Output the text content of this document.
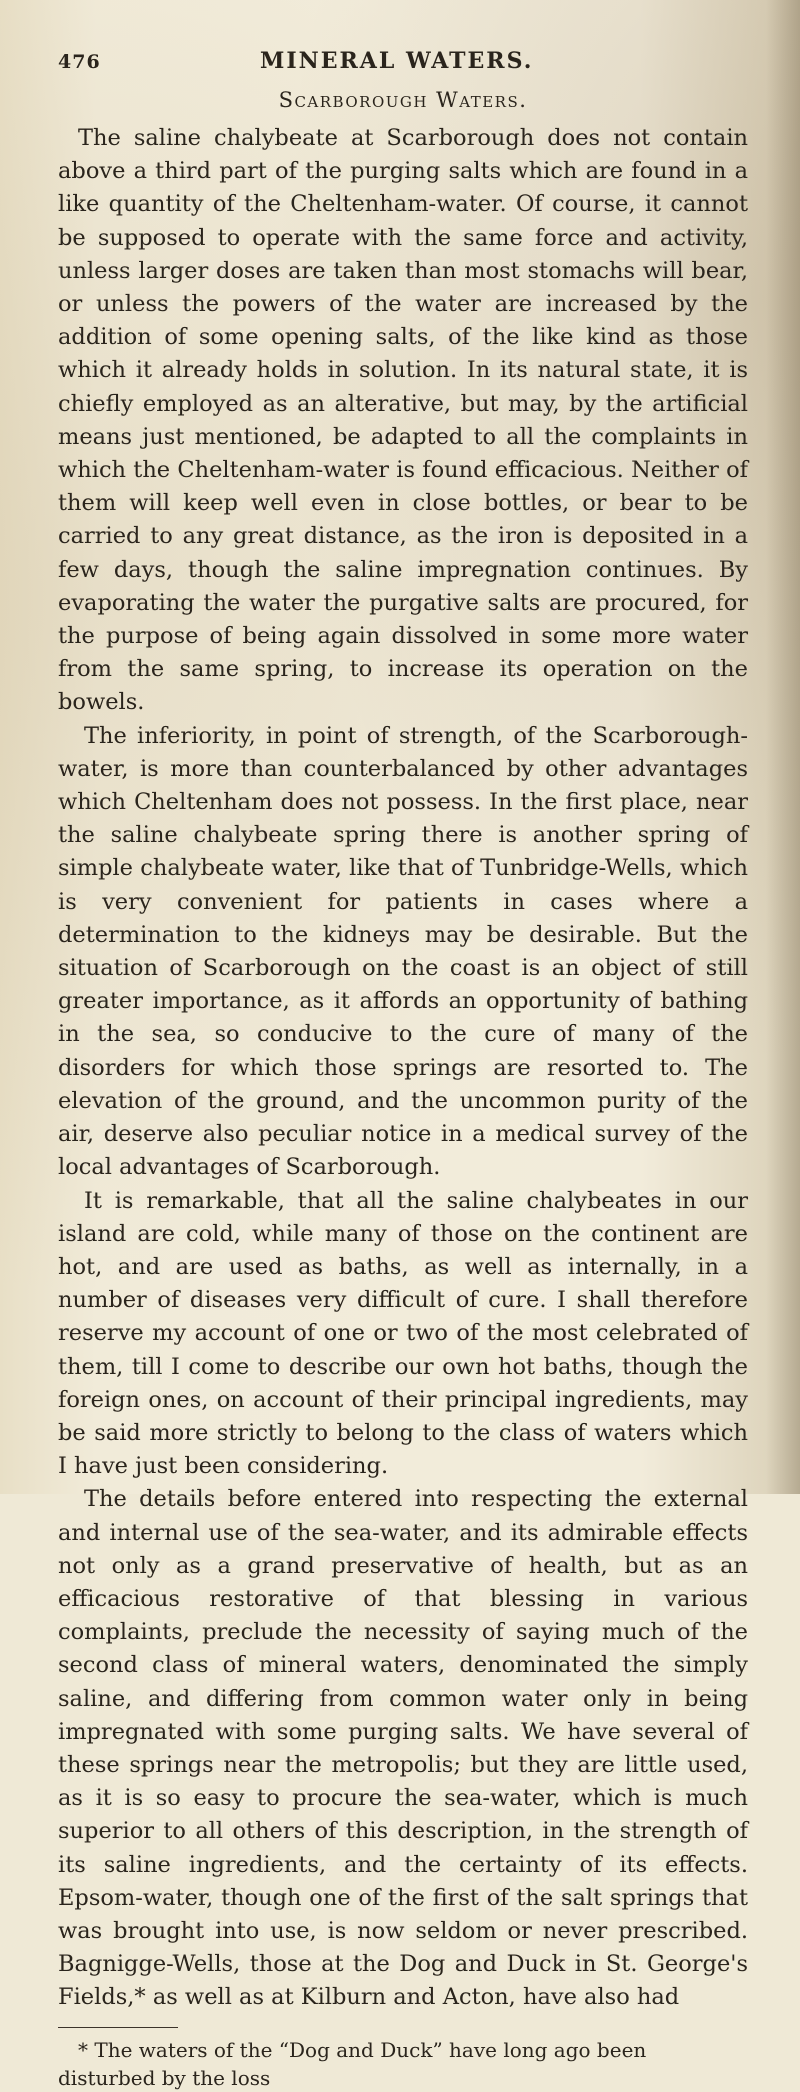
476	MINERAL WATERS.
Scarborough Waters.

The saline chalybeate at Scarborough does not contain above a third part of the purging salts which are found in a like quantity of the Cheltenham-water. Of course, it cannot be supposed to operate with the same force and activity, unless larger doses are taken than most stomachs will bear, or unless the powers of the water are increased by the addition of some opening salts, of the like kind as those which it already holds in solution. In its natural state, it is chiefly employed as an alterative, but may, by the artificial means just mentioned, be adapted to all the complaints in which the Cheltenham-water is found efficacious. Neither of them will keep well even in close bottles, or bear to be carried to any great distance, as the iron is deposited in a few days, though the saline impregnation continues. By evaporating the water the purgative salts are procured, for the purpose of being again dissolved in some more water from the same spring, to increase its operation on the bowels.

The inferiority, in point of strength, of the Scarborough-water, is more than counterbalanced by other advantages which Cheltenham does not possess. In the first place, near the saline chalybeate spring there is another spring of simple chalybeate water, like that of Tunbridge-Wells, which is very convenient for patients in cases where a determination to the kidneys may be desirable. But the situation of Scarborough on the coast is an object of still greater importance, as it affords an opportunity of bathing in the sea, so conducive to the cure of many of the disorders for which those springs are resorted to. The elevation of the ground, and the uncommon purity of the air, deserve also peculiar notice in a medical survey of the local advantages of Scarborough.

It is remarkable, that all the saline chalybeates in our island are cold, while many of those on the continent are hot, and are used as baths, as well as internally, in a number of diseases very difficult of cure. I shall therefore reserve my account of one or two of the most celebrated of them, till I come to describe our own hot baths, though the foreign ones, on account of their principal ingredients, may be said more strictly to belong to the class of waters which I have just been considering.

The details before entered into respecting the external and internal use of the sea-water, and its admirable effects not only as a grand preservative of health, but as an efficacious restorative of that blessing in various complaints, preclude the necessity of saying much of the second class of mineral waters, denominated the simply saline, and differing from common water only in being impregnated with some purging salts. We have several of these springs near the metropolis; but they are little used, as it is so easy to procure the sea-water, which is much superior to all others of this description, in the strength of its saline ingredients, and the certainty of its effects. Epsom-water, though one of the first of the salt springs that was brought into use, is now seldom or never prescribed. Bagnigge-Wells, those at the Dog and Duck in St. George's Fields,* as well as at Kilburn and Acton, have also had

* The waters of the “Dog and Duck” have long ago been disturbed by the loss
